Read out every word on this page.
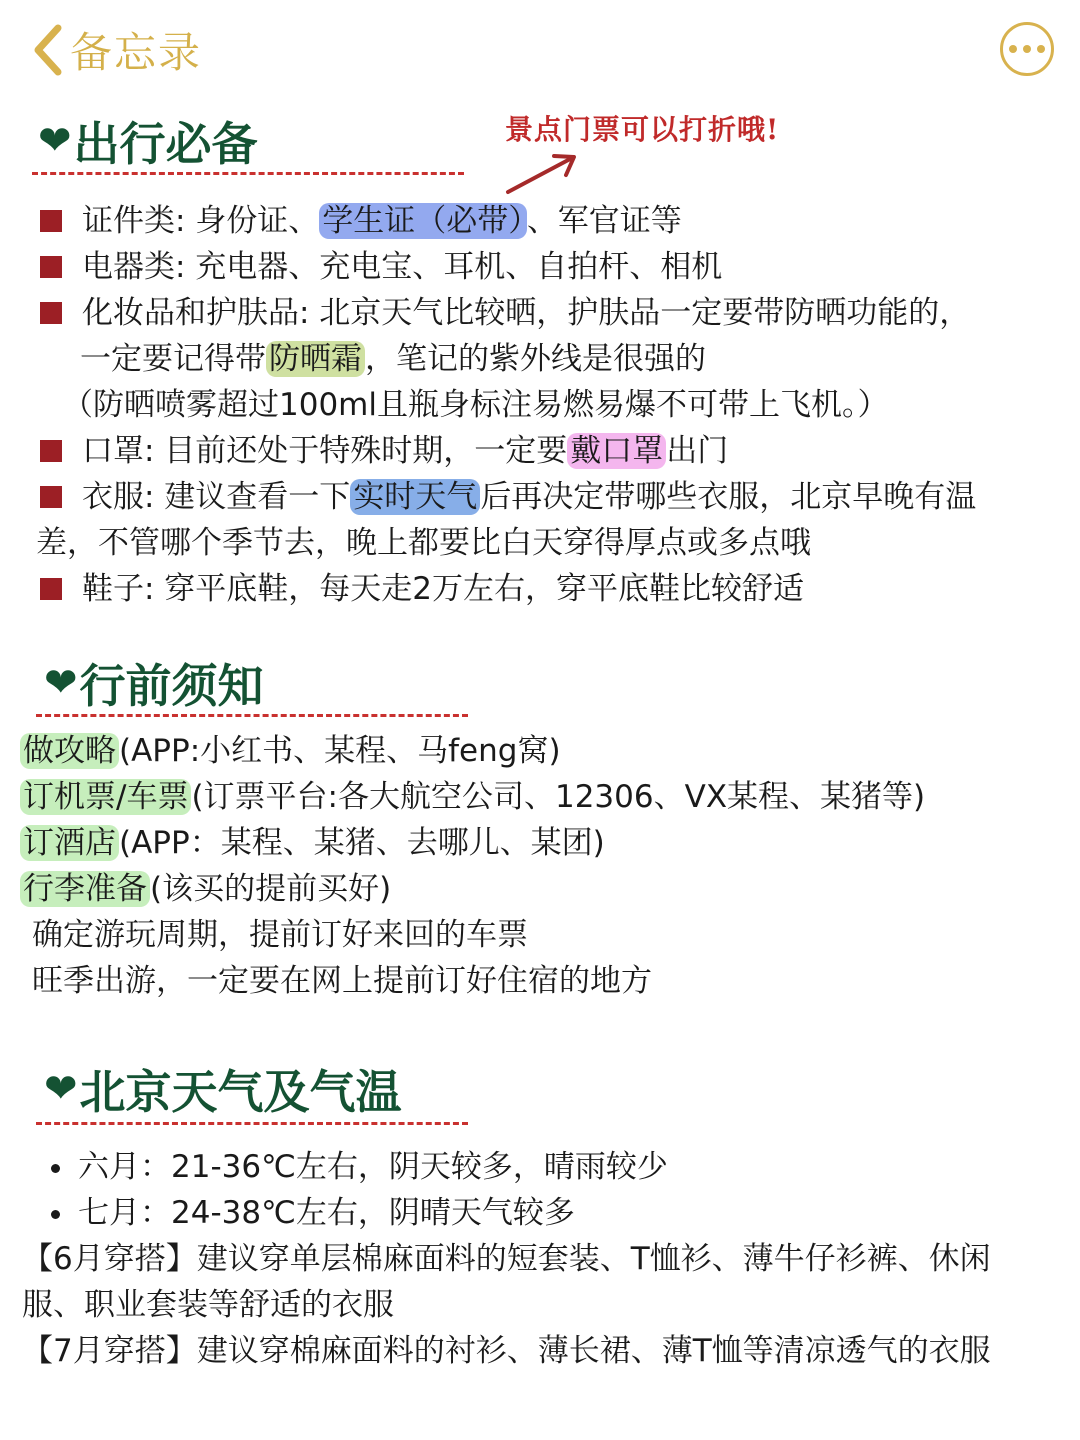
备忘录
❤ 出行必备	景点门票可以打折哦!
证件类: 身份证、学生证（必带）、军官证等
电器类: 充电器、充电宝、耳机、自拍杆、相机
化妆品和护肤品: 北京天气比较晒，护肤品一定要带防晒功能的，
一定要记得带防晒霜，笔记的紫外线是很强的
（防晒喷雾超过100ml且瓶身标注易燃易爆不可带上飞机。）
口罩: 目前还处于特殊时期，一定要戴口罩出门
衣服: 建议查看一下实时天气后再决定带哪些衣服，北京早晚有温
差，不管哪个季节去，晚上都要比白天穿得厚点或多点哦
鞋子: 穿平底鞋，每天走2万左右，穿平底鞋比较舒适
❤ 行前须知
做攻略(APP:小红书、某程、马feng窝)
订机票/车票(订票平台:各大航空公司、12306、VX某程、某猪等)
订酒店(APP：某程、某猪、去哪儿、某团)
行李准备(该买的提前买好)
确定游玩周期，提前订好来回的车票
旺季出游，一定要在网上提前订好住宿的地方
❤ 北京天气及气温
六月：21-36℃左右，阴天较多，晴雨较少
七月：24-38℃左右，阴晴天气较多
【6月穿搭】建议穿单层棉麻面料的短套装、T恤衫、薄牛仔衫裤、休闲
服、职业套装等舒适的衣服
【7月穿搭】建议穿棉麻面料的衬衫、薄长裙、薄T恤等清凉透气的衣服
